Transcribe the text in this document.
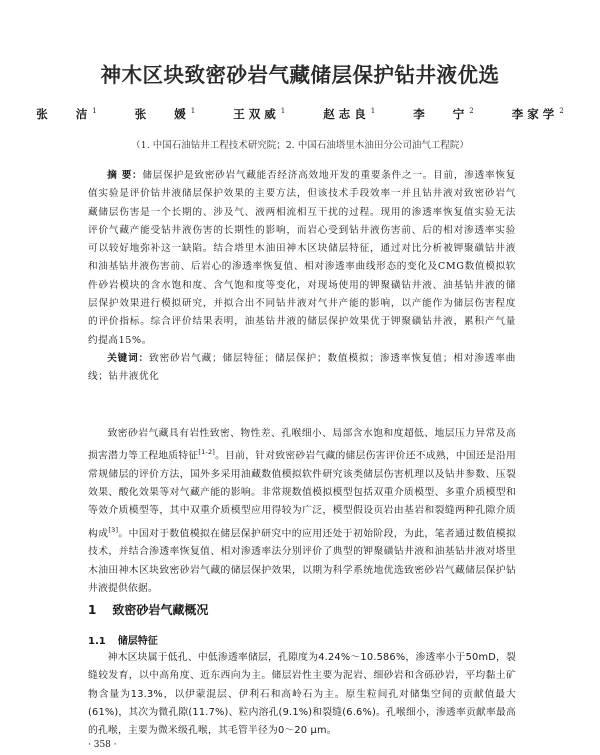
神木区块致密砂岩气藏储层保护钻井液优选
张 洁$^1$	张 媛$^1$	王双威$^1$	赵志良$^1$	李 宁$^2$	李家学$^2$
（1. 中国石油钻井工程技术研究院；2. 中国石油塔里木油田分公司油气工程院）

摘 要：储层保护是致密砂岩气藏能否经济高效地开发的重要条件之一。目前，渗透率恢复值实验是评价钻井液储层保护效果的主要方法，但该技术手段效率一并且钻井液对致密砂岩气藏储层伤害是一个长期的、涉及气、液两相流相互干扰的过程。现用的渗透率恢复值实验无法评价气藏产能受钻井液伤害的长期性的影响，而岩心受到钻井液伤害前、后的相对渗透率实验可以较好地弥补这一缺陷。结合塔里木油田神木区块储层特征，通过对比分析被钾聚磺钻井液和油基钻井液伤害前、后岩心的渗透率恢复值、相对渗透率曲线形态的变化及CMG数值模拟软件砂岩模块的含水饱和度、含气饱和度等变化，对现场使用的钾聚磺钻井液、油基钻井液的储层保护效果进行模拟研究，并拟合出不同钻井液对气井产能的影响，以产能作为储层伤害程度的评价指标。综合评价结果表明，油基钻井液的储层保护效果优于钾聚磺钻井液，累积产气量约提高15%。

关键词：致密砂岩气藏；储层特征；储层保护；数值模拟；渗透率恢复值；相对渗透率曲线；钻井液优化

致密砂岩气藏具有岩性致密、物性差、孔喉细小、局部含水饱和度超低、地层压力异常及高损害潜力等工程地质特征[1-2]。目前，针对致密砂岩气藏的储层伤害评价还不成熟，中国还是沿用常规储层的评价方法，国外多采用油藏数值模拟软件研究该类储层伤害机理以及钻井参数、压裂效果、酸化效果等对气藏产能的影响。非常规数值模拟模型包括双重介质模型、多重介质模型和等效介质模型等，其中双重介质模型应用得较为广泛，模型假设页岩由基岩和裂缝两种孔隙介质构成[3]。中国对于数值模拟在储层保护研究中的应用还处于初始阶段，为此，笔者通过数值模拟技术，并结合渗透率恢复值、相对渗透率法分别评价了典型的钾聚磺钻井液和油基钻井液对塔里木油田神木区块致密砂岩气藏的储层保护效果，以期为科学系统地优选致密砂岩气藏储层保护钻井液提供依据。

1 致密砂岩气藏概况
1.1 储层特征

神木区块属于低孔、中低渗透率储层，孔隙度为4.24%～10.586%，渗透率小于50mD，裂缝较发育，以中高角度、近东西向为主。储层岩性主要为泥岩、细砂岩和含砾砂岩，平均黏土矿物含量为13.3%，以伊蒙混层、伊利石和高岭石为主。原生粒间孔对储集空间的贡献值最大(61%)，其次为微孔隙(11.7%)、粒内溶孔(9.1%)和裂缝(6.6%)。孔喉细小，渗透率贡献率最高的孔喉，主要为微米级孔喉，其毛管半径为0～20 μm。

· 358 ·
